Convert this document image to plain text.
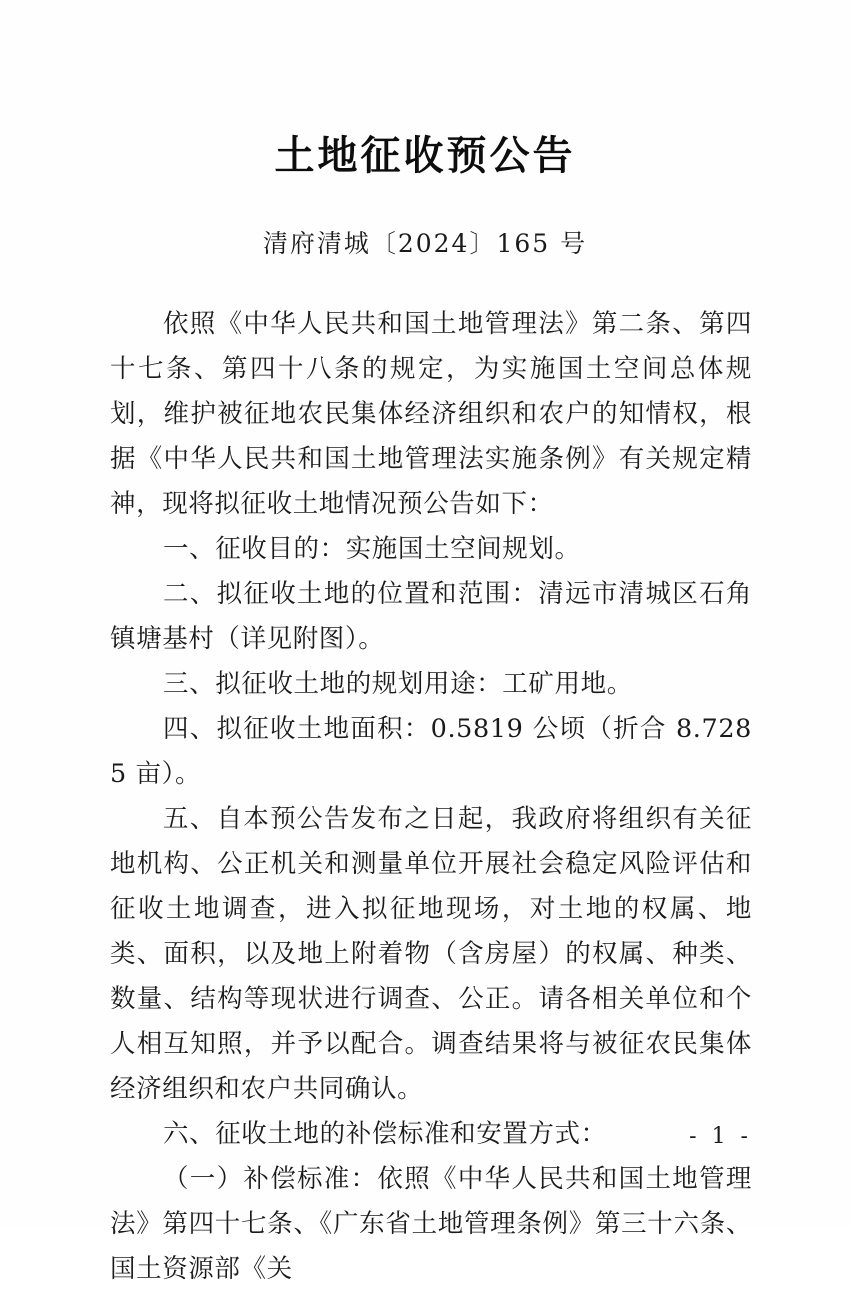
土地征收预公告
清府清城〔2024〕165 号

依照《中华人民共和国土地管理法》第二条、第四十七条、第四十八条的规定，为实施国土空间总体规划，维护被征地农民集体经济组织和农户的知情权，根据《中华人民共和国土地管理法实施条例》有关规定精神，现将拟征收土地情况预公告如下：

一、征收目的：实施国土空间规划。

二、拟征收土地的位置和范围：清远市清城区石角镇塘基村（详见附图）。

三、拟征收土地的规划用途：工矿用地。

四、拟征收土地面积：0.5819 公顷（折合 8.7285 亩）。

五、自本预公告发布之日起，我政府将组织有关征地机构、公正机关和测量单位开展社会稳定风险评估和征收土地调查，进入拟征地现场，对土地的权属、地类、面积，以及地上附着物（含房屋）的权属、种类、数量、结构等现状进行调查、公正。请各相关单位和个人相互知照，并予以配合。调查结果将与被征农民集体经济组织和农户共同确认。

六、征收土地的补偿标准和安置方式：

（一）补偿标准：依照《中华人民共和国土地管理法》第四十七条、《广东省土地管理条例》第三十六条、国土资源部《关

- 1 -
